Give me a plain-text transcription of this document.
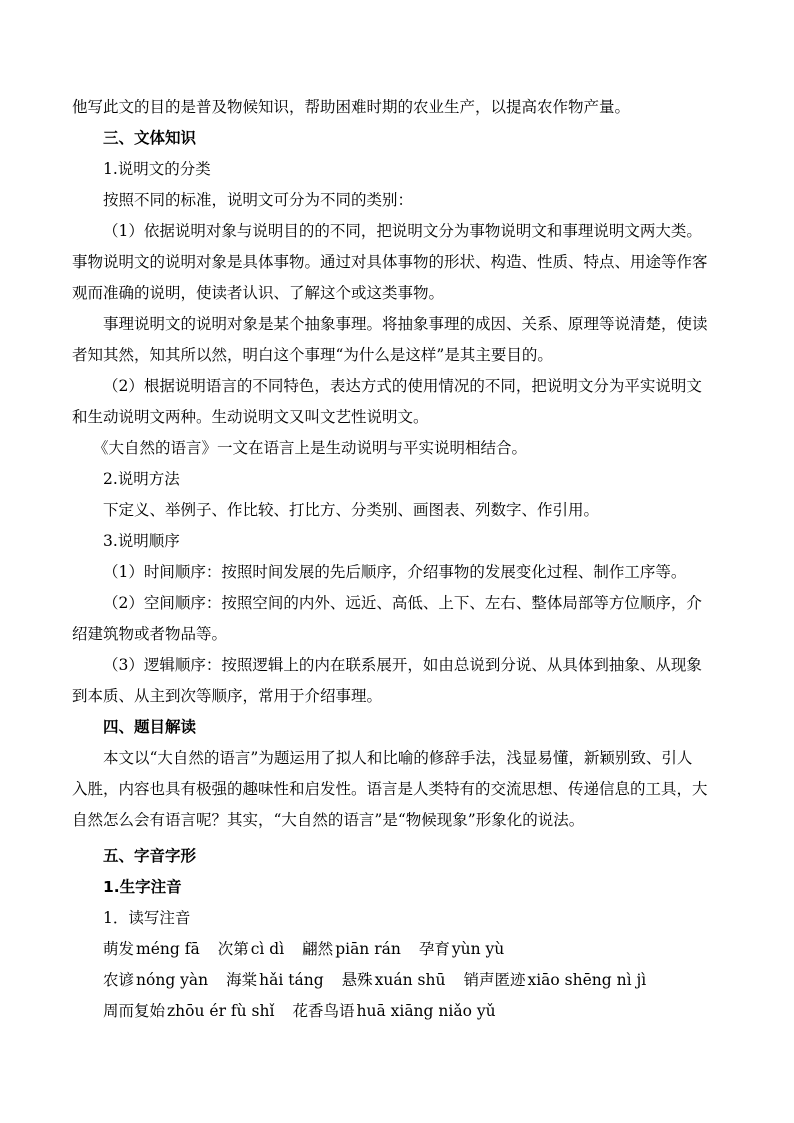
他写此文的目的是普及物候知识，帮助困难时期的农业生产，以提高农作物产量。
三、文体知识
1.说明文的分类
按照不同的标准，说明文可分为不同的类别：
（1）依据说明对象与说明目的的不同，把说明文分为事物说明文和事理说明文两大类。
事物说明文的说明对象是具体事物。通过对具体事物的形状、构造、性质、特点、用途等作客
观而准确的说明，使读者认识、了解这个或这类事物。
事理说明文的说明对象是某个抽象事理。将抽象事理的成因、关系、原理等说清楚，使读
者知其然，知其所以然，明白这个事理“为什么是这样”是其主要目的。
（2）根据说明语言的不同特色，表达方式的使用情况的不同，把说明文分为平实说明文
和生动说明文两种。生动说明文又叫文艺性说明文。
《大自然的语言》一文在语言上是生动说明与平实说明相结合。
2.说明方法
下定义、举例子、作比较、打比方、分类别、画图表、列数字、作引用。
3.说明顺序
（1）时间顺序：按照时间发展的先后顺序，介绍事物的发展变化过程、制作工序等。
（2）空间顺序：按照空间的内外、远近、高低、上下、左右、整体局部等方位顺序，介
绍建筑物或者物品等。
（3）逻辑顺序：按照逻辑上的内在联系展开，如由总说到分说、从具体到抽象、从现象
到本质、从主到次等顺序，常用于介绍事理。
四、题目解读
本文以“大自然的语言”为题运用了拟人和比喻的修辞手法，浅显易懂，新颖别致、引人
入胜，内容也具有极强的趣味性和启发性。语言是人类特有的交流思想、传递信息的工具，大
自然怎么会有语言呢？其实，“大自然的语言”是“物候现象”形象化的说法。
五、字音字形
1.生字注音
1．读写注音
萌发 méng fā 次第 cì dì 翩然 piān rán 孕育 yùn yù
农谚 nóng yàn 海棠 hǎi táng 悬殊 xuán shū 销声匿迹 xiāo shēng nì jì
周而复始 zhōu ér fù shǐ 花香鸟语 huā xiāng niǎo yǔ
